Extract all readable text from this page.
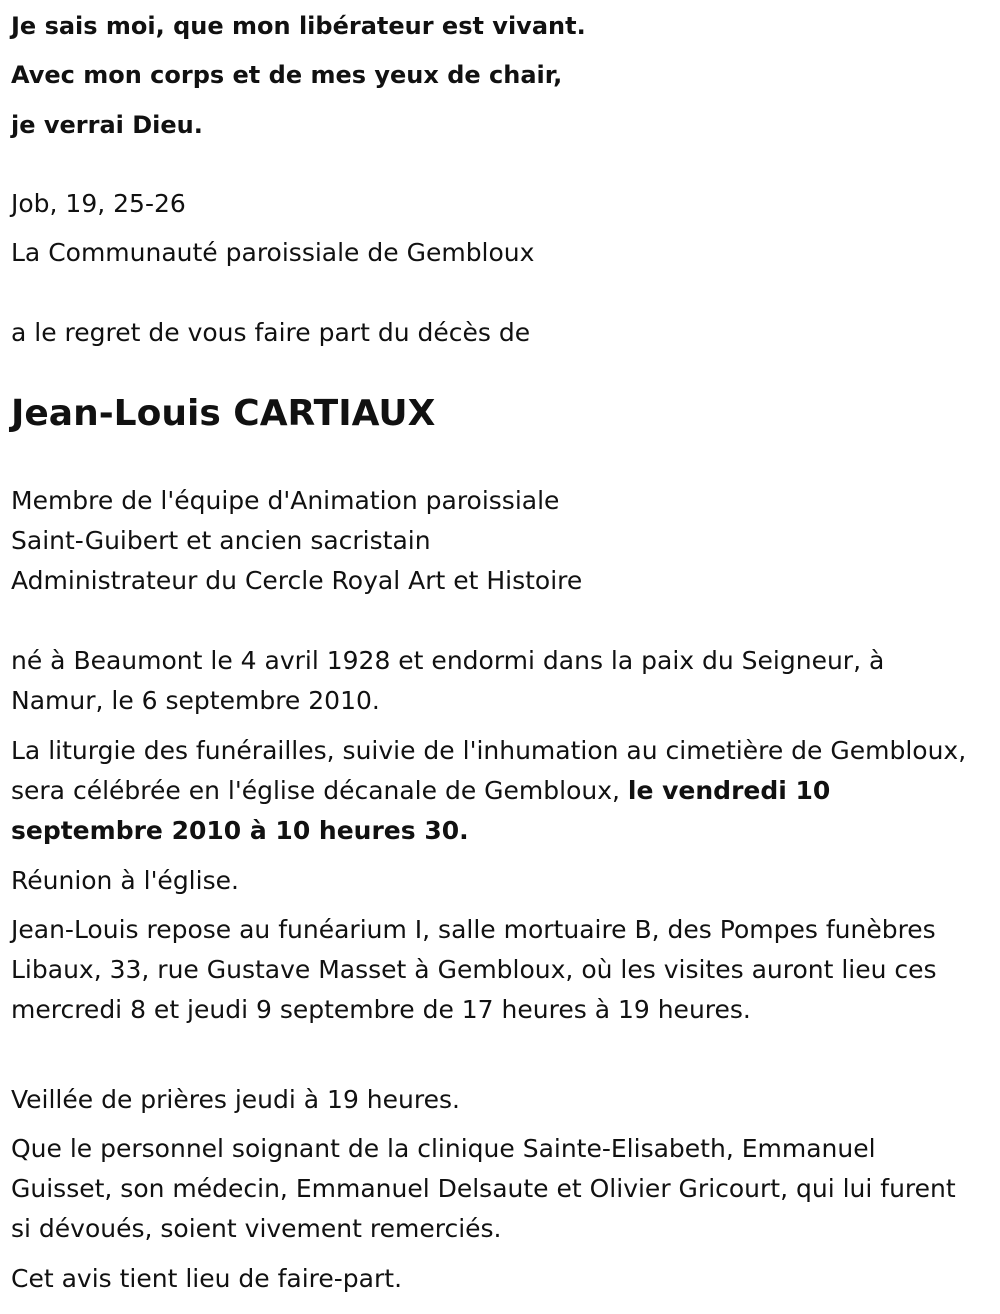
Je sais moi, que mon libérateur est vivant.

Avec mon corps et de mes yeux de chair,

je verrai Dieu.

Job, 19, 25-26

La Communauté paroissiale de Gembloux

a le regret de vous faire part du décès de

Jean-Louis CARTIAUX

Membre de l'équipe d'Animation paroissiale

Saint-Guibert et ancien sacristain

Administrateur du Cercle Royal Art et Histoire

né à Beaumont le 4 avril 1928 et endormi dans la paix du Seigneur, à Namur, le 6 septembre 2010.

La liturgie des funérailles, suivie de l'inhumation au cimetière de Gembloux, sera célébrée en l'église décanale de Gembloux, le vendredi 10 septembre 2010 à 10 heures 30.

Réunion à l'église.

Jean-Louis repose au funéarium I, salle mortuaire B, des Pompes funèbres Libaux, 33, rue Gustave Masset à Gembloux, où les visites auront lieu ces mercredi 8 et jeudi 9 septembre de 17 heures à 19 heures.

Veillée de prières jeudi à 19 heures.

Que le personnel soignant de la clinique Sainte-Elisabeth, Emmanuel Guisset, son médecin, Emmanuel Delsaute et Olivier Gricourt, qui lui furent si dévoués, soient vivement remerciés.

Cet avis tient lieu de faire-part.
